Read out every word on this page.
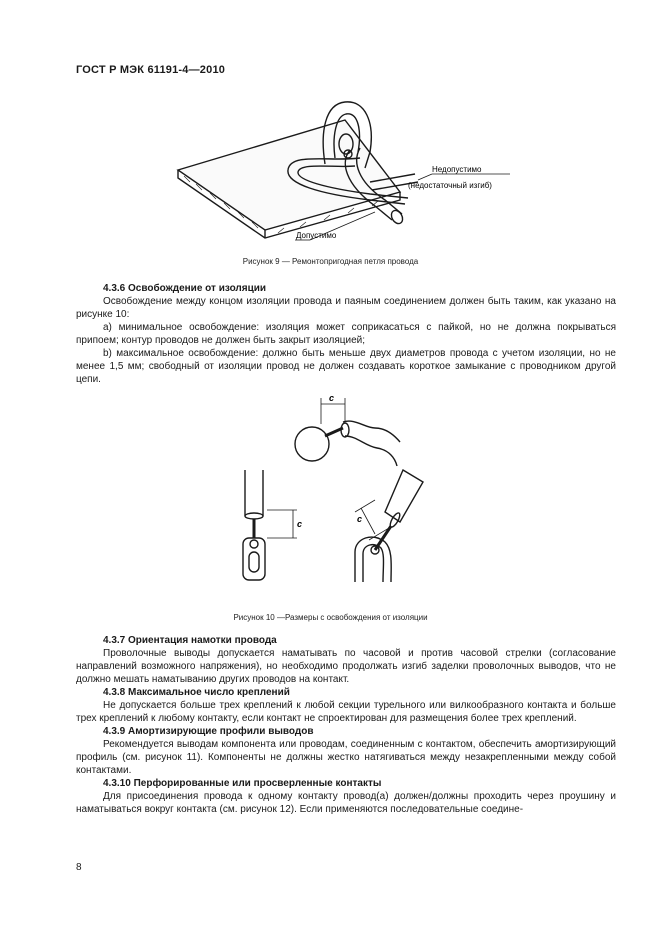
ГОСТ Р МЭК 61191-4—2010
Недопустимо
(недостаточный изгиб)
Допустимо
Рисунок 9 — Ремонтопригодная петля провода

4.3.6 Освобождение от изоляции

Освобождение между концом изоляции провода и паяным соединением должен быть таким, как указано на рисунке 10:

а) минимальное освобождение: изоляция может соприкасаться с пайкой, но не должна покрываться припоем; контур проводов не должен быть закрыт изоляцией;

b) максимальное освобождение: должно быть меньше двух диаметров провода с учетом изоляции, но не менее 1,5 мм; свободный от изоляции провод не должен создавать короткое замыкание с проводником другой цепи.

c
c	c
Рисунок 10 —Размеры с освобождения от изоляции

4.3.7 Ориентация намотки провода

Проволочные выводы допускается наматывать по часовой и против часовой стрелки (согласование направлений возможного напряжения), но необходимо продолжать изгиб заделки проволочных выводов, что не должно мешать наматыванию других проводов на контакт.

4.3.8 Максимальное число креплений

Не допускается больше трех креплений к любой секции турельного или вилкообразного контакта и больше трех креплений к любому контакту, если контакт не спроектирован для размещения более трех креплений.

4.3.9 Амортизирующие профили выводов

Рекомендуется выводам компонента или проводам, соединенным с контактом, обеспечить амортизирующий профиль (см. рисунок 11). Компоненты не должны жестко натягиваться между незакрепленными между собой контактами.

4.3.10 Перфорированные или просверленные контакты

Для присоединения провода к одному контакту провод(а) должен/должны проходить через проушину и наматываться вокруг контакта (см. рисунок 12). Если применяются последовательные соедине-

8
